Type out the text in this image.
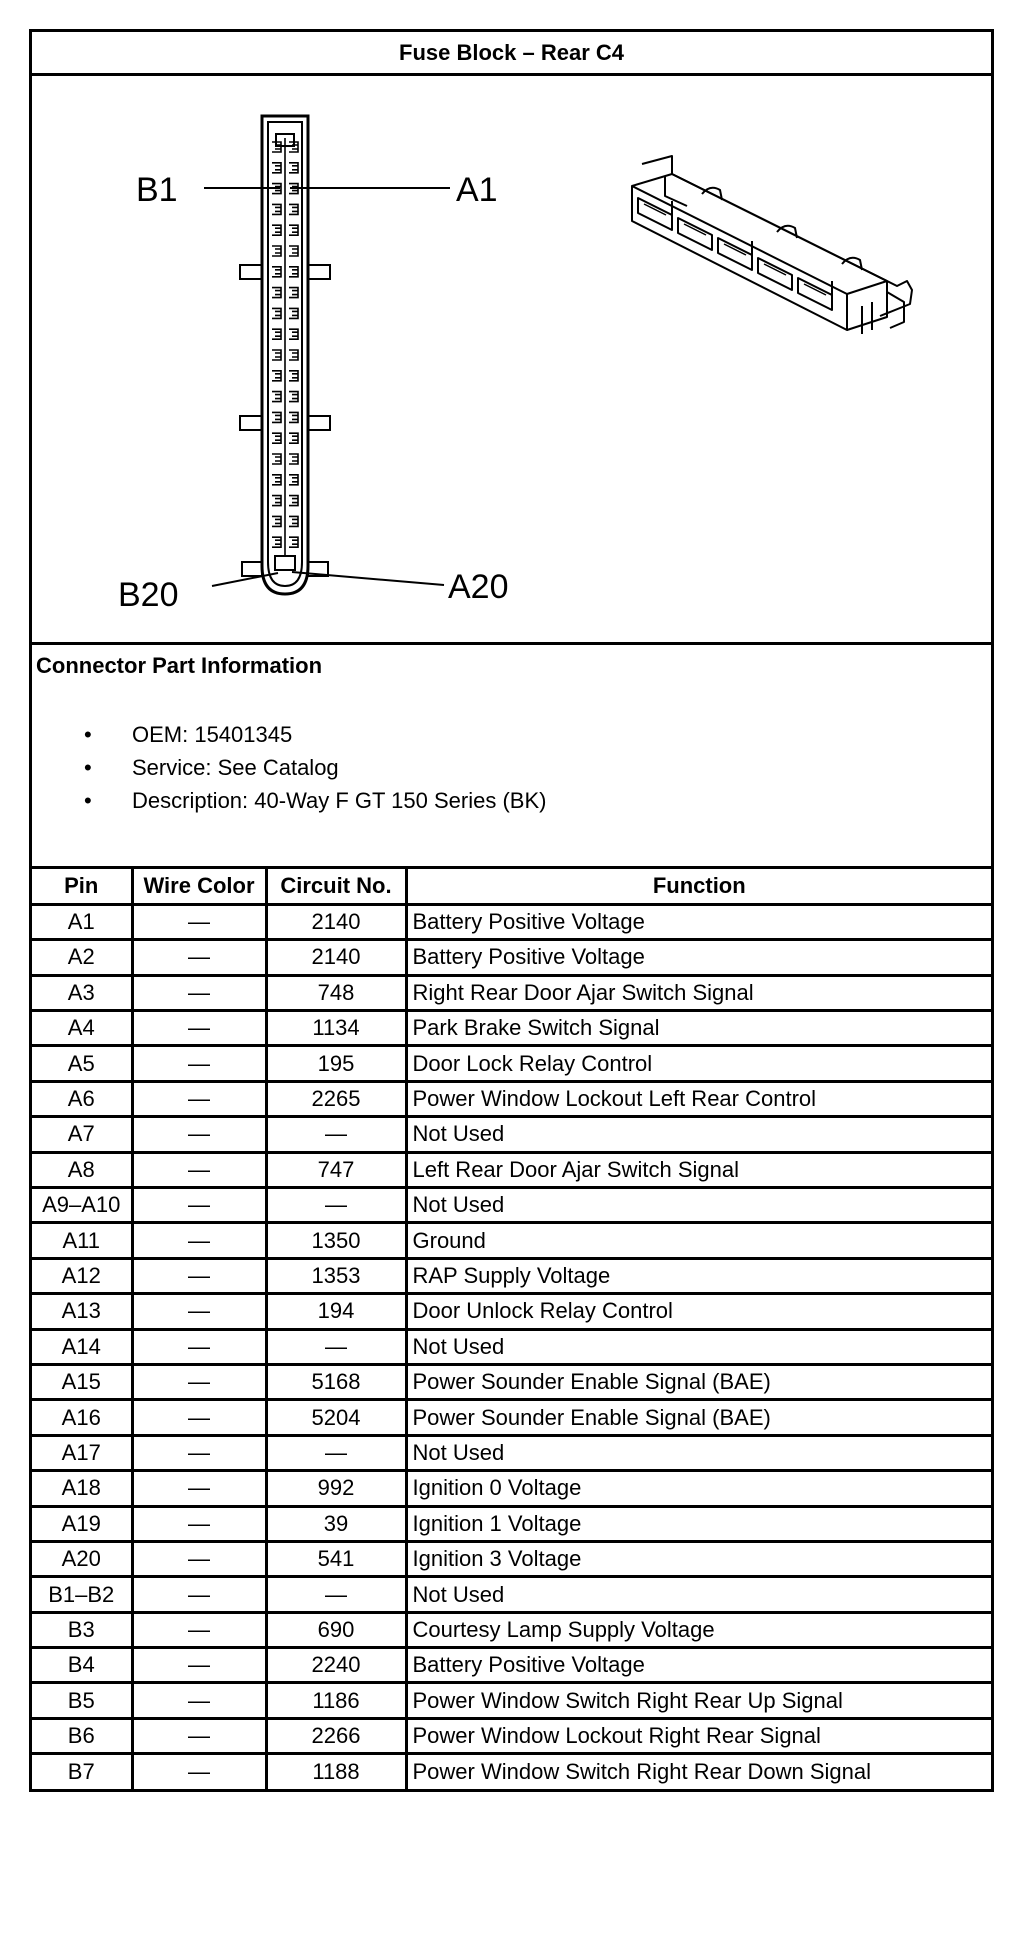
Fuse Block – Rear C4
B1	A1
B20	A20
Connector Part Information
• OEM: 15401345
• Service: See Catalog
• Description: 40-Way F GT 150 Series (BK)
Pin	Wire Color	Circuit No.	Function
A1	—	2140	Battery Positive Voltage
A2	—	2140	Battery Positive Voltage
A3	—	748	Right Rear Door Ajar Switch Signal
A4	—	1134	Park Brake Switch Signal
A5	—	195	Door Lock Relay Control
A6	—	2265	Power Window Lockout Left Rear Control
A7	—	—	Not Used
A8	—	747	Left Rear Door Ajar Switch Signal
A9–A10	—	—	Not Used
A11	—	1350	Ground
A12	—	1353	RAP Supply Voltage
A13	—	194	Door Unlock Relay Control
A14	—	—	Not Used
A15	—	5168	Power Sounder Enable Signal (BAE)
A16	—	5204	Power Sounder Enable Signal (BAE)
A17	—	—	Not Used
A18	—	992	Ignition 0 Voltage
A19	—	39	Ignition 1 Voltage
A20	—	541	Ignition 3 Voltage
B1–B2	—	—	Not Used
B3	—	690	Courtesy Lamp Supply Voltage
B4	—	2240	Battery Positive Voltage
B5	—	1186	Power Window Switch Right Rear Up Signal
B6	—	2266	Power Window Lockout Right Rear Signal
B7	—	1188	Power Window Switch Right Rear Down Signal
